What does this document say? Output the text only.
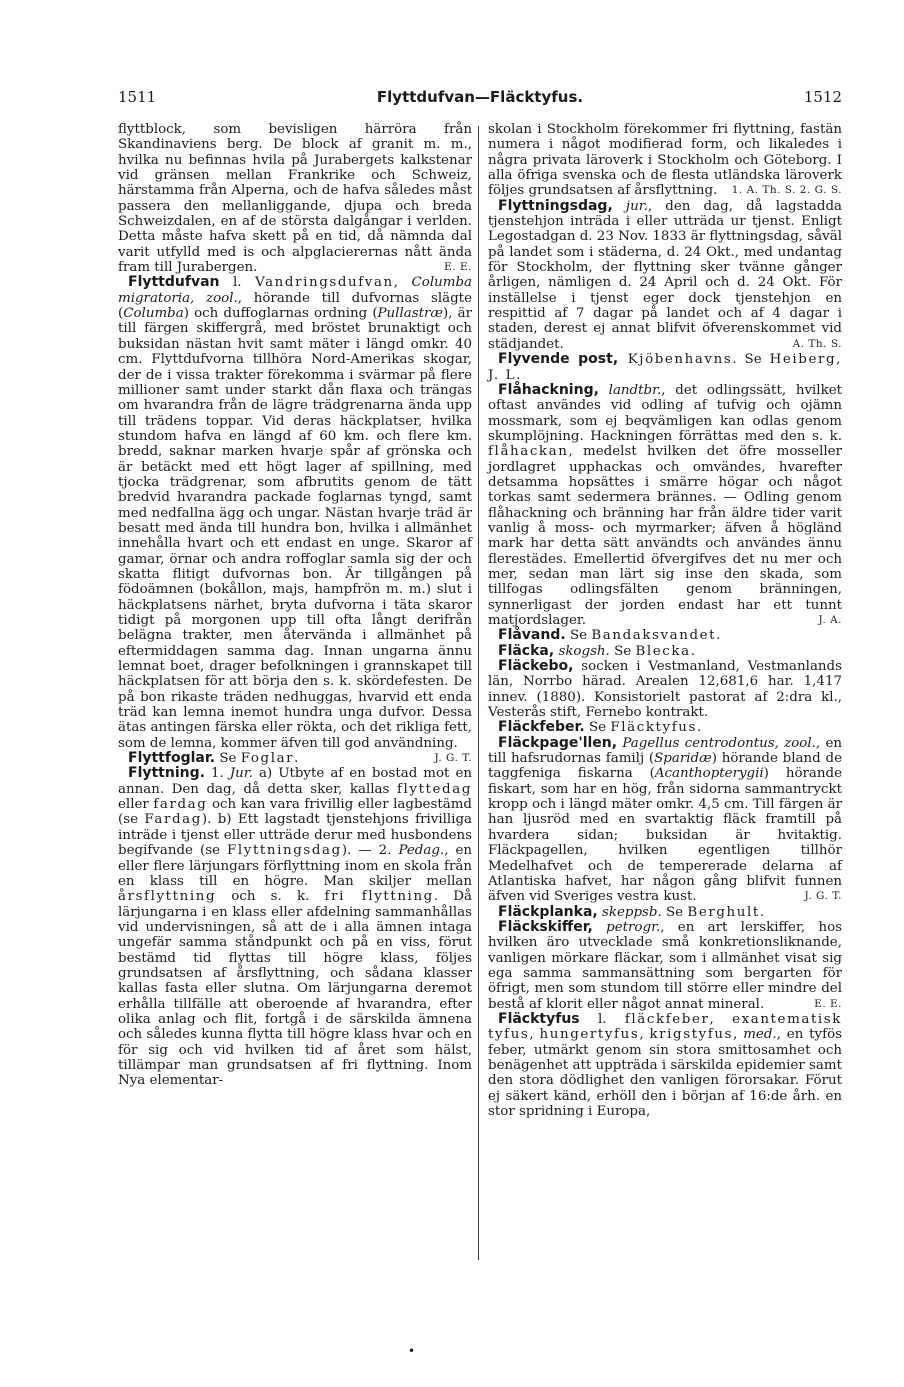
1511	Flyttdufvan—Fläcktyfus.	1512

flyttblock, som bevisligen härröra från Skandinaviens berg. De block af granit m. m., hvilka nu befinnas hvila på Jurabergets kalkstenar vid gränsen mellan Frankrike och Schweiz, härstamma från Alperna, och de hafva således måst passera den mellanliggande, djupa och breda Schweizdalen, en af de största dalgångar i verlden. Detta måste hafva skett på en tid, då nämnda dal varit utfylld med is och alpglacierernas nått ända fram till Jurabergen.	E. E.

Flyttdufvan l. Vandringsdufvan, Columba migratoria, zool., hörande till dufvornas slägte (Columba) och duffoglarnas ordning (Pullastræ), är till färgen skiffergrå, med bröstet brunaktigt och buksidan nästan hvit samt mäter i längd omkr. 40 cm. Flyttdufvorna tillhöra Nord-Amerikas skogar, der de i vissa trakter förekomma i svärmar på flere millioner samt under starkt dån flaxa och trängas om hvarandra från de lägre trädgrenarna ända upp till trädens toppar. Vid deras häckplatser, hvilka stundom hafva en längd af 60 km. och flere km. bredd, saknar marken hvarje spår af grönska och är betäckt med ett högt lager af spillning, med tjocka trädgrenar, som afbrutits genom de tätt bredvid hvarandra packade foglarnas tyngd, samt med nedfallna ägg och ungar. Nästan hvarje träd är besatt med ända till hundra bon, hvilka i allmänhet innehålla hvart och ett endast en unge. Skaror af gamar, örnar och andra roffoglar samla sig der och skatta flitigt dufvornas bon. Är tillgången på födoämnen (bokållon, majs, hampfrön m. m.) slut i häckplatsens närhet, bryta dufvorna i täta skaror tidigt på morgonen upp till ofta långt derifrån belägna trakter, men återvända i allmänhet på eftermiddagen samma dag. Innan ungarna ännu lemnat boet, drager befolkningen i grannskapet till häckplatsen för att börja den s. k. skördefesten. De på bon rikaste träden nedhuggas, hvarvid ett enda träd kan lemna inemot hundra unga dufvor. Dessa ätas antingen färska eller rökta, och det rikliga fett, som de lemna, kommer äfven till god användning.
J. G. T.

Flyttfoglar. Se Foglar.

Flyttning. 1. Jur. a) Utbyte af en bostad mot en annan. Den dag, då detta sker, kallas flyttedag eller fardag och kan vara frivillig eller lagbestämd (se Fardag). b) Ett lagstadt tjenstehjons frivilliga inträde i tjenst eller utträde derur med husbondens begifvande (se Flyttningsdag). — 2. Pedag., en eller flere lärjungars förflyttning inom en skola från en klass till en högre. Man skiljer mellan årsflyttning och s. k. fri flyttning. Då lärjungarna i en klass eller afdelning sammanhållas vid undervisningen, så att de i alla ämnen intaga ungefär samma ståndpunkt och på en viss, förut bestämd tid flyttas till högre klass, följes grundsatsen af årsflyttning, och sådana klasser kallas fasta eller slutna. Om lärjungarna deremot erhålla tillfälle att oberoende af hvarandra, efter olika anlag och flit, fortgå i de särskilda ämnena och således kunna flytta till högre klass hvar och en för sig och vid hvilken tid af året som hälst, tillämpar man grundsatsen af fri flyttning. Inom Nya elementar-

skolan i Stockholm förekommer fri flyttning, fastän numera i något modifierad form, och likaledes i några privata läroverk i Stockholm och Göteborg. I alla öfriga svenska och de flesta utländska läroverk följes grundsatsen af årsflyttning. 1. A. Th. S. 2. G. S.

Flyttningsdag, jur., den dag, då lagstadda tjenstehjon inträda i eller utträda ur tjenst. Enligt Legostadgan d. 23 Nov. 1833 är flyttningsdag, såväl på landet som i städerna, d. 24 Okt., med undantag för Stockholm, der flyttning sker tvänne gånger årligen, nämligen d. 24 April och d. 24 Okt. För inställelse i tjenst eger dock tjenstehjon en respittid af 7 dagar på landet och af 4 dagar i staden, derest ej annat blifvit öfverenskommet vid städjandet.	A. Th. S.

Flyvende post, Kjöbenhavns. Se Heiberg, J. L.

Flåhackning, landtbr., det odlingssätt, hvilket oftast användes vid odling af tufvig och ojämn mossmark, som ej beqvämligen kan odlas genom skumplöjning. Hackningen förrättas med den s. k. flåhackan, medelst hvilken det öfre mosseller jordlagret upphackas och omvändes, hvarefter detsamma hopsättes i smärre högar och något torkas samt sedermera brännes. — Odling genom flåhackning och bränning har från äldre tider varit vanlig å moss- och myrmarker; äfven å högländ mark har detta sätt användts och användes ännu flerestädes. Emellertid öfvergifves det nu mer och mer, sedan man lärt sig inse den skada, som tillfogas odlingsfälten genom bränningen, synnerligast der jorden endast har ett tunnt matjordslager.	J. A.

Flåvand. Se Bandaksvandet.

Fläcka, skogsh. Se Blecka.

Fläckebo, socken i Vestmanland, Vestmanlands län, Norrbo härad. Arealen 12,681,6 har. 1,417 innev. (1880). Konsistorielt pastorat af 2:dra kl., Vesterås stift, Fernebo kontrakt.

Fläckfeber. Se Fläcktyfus.

Fläckpage'llen, Pagellus centrodontus, zool., en till hafsrudornas familj (Sparidæ) hörande bland de taggfeniga fiskarna (Acanthopterygii) hörande fiskart, som har en hög, från sidorna sammantryckt kropp och i längd mäter omkr. 4,5 cm. Till färgen är han ljusröd med en svartaktig fläck framtill på hvardera sidan; buksidan är hvitaktig. Fläckpagellen, hvilken egentligen tillhör Medelhafvet och de tempererade delarna af Atlantiska hafvet, har någon gång blifvit funnen äfven vid Sveriges vestra kust.	J. G. T.

Fläckplanka, skeppsb. Se Berghult.

Fläckskiffer, petrogr., en art lerskiffer, hos hvilken äro utvecklade små konkretionsliknande, vanligen mörkare fläckar, som i allmänhet visat sig ega samma sammansättning som bergarten för öfrigt, men som stundom till större eller mindre del bestå af klorit eller något annat mineral.	E. E.

Fläcktyfus l. fläckfeber, exantematisk tyfus, hungertyfus, krigstyfus, med., en tyfös feber, utmärkt genom sin stora smittosamhet och benägenhet att uppträda i särskilda epidemier samt den stora dödlighet den vanligen förorsakar. Förut ej säkert känd, erhöll den i början af 16:de årh. en stor spridning i Europa,

•
